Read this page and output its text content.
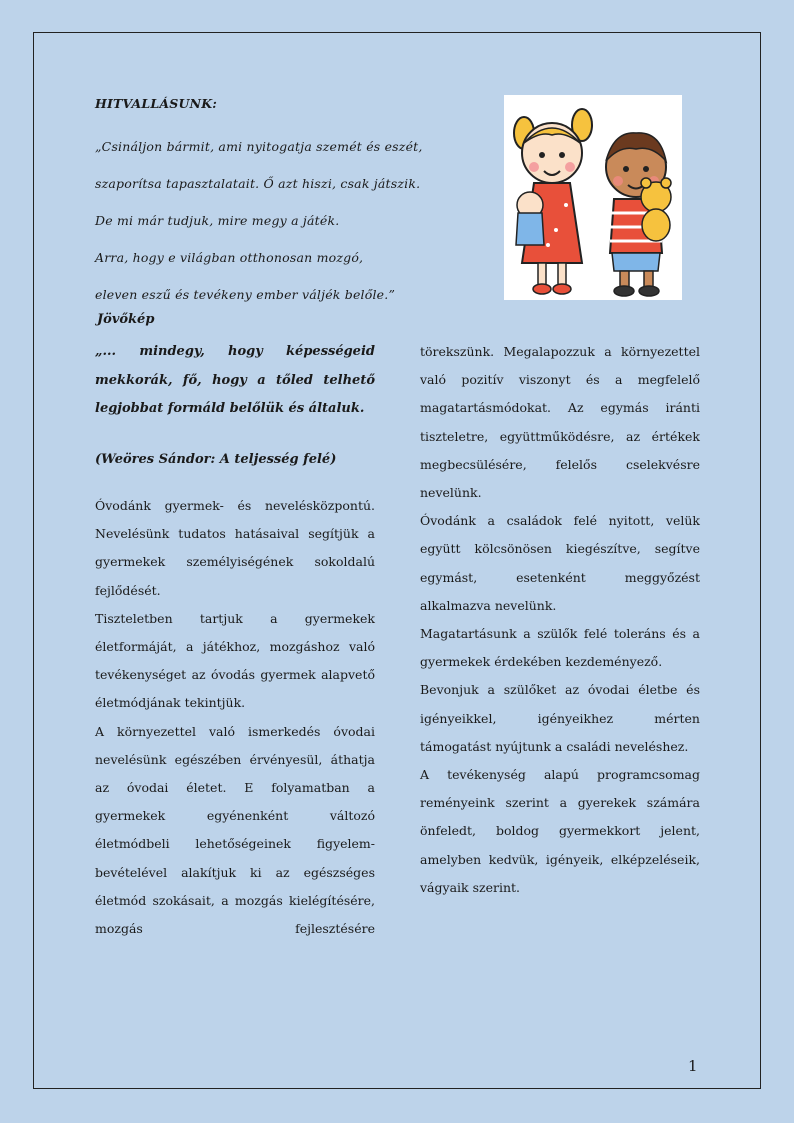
HITVALLÁSUNK:

„Csináljon bármit, ami nyitogatja szemét és eszét,

szaporítsa tapasztalatait. Ő azt hiszi, csak játszik.

De mi már tudjuk, mire megy a játék.

Arra, hogy e világban otthonosan mozgó,

eleven eszű és tevékeny ember váljék belőle.”

Jövőkép
„... mindegy, hogy képességeid mekkorák, fő, hogy a tőled telhető legjobbat formáld belőlük és általuk.
(Weöres Sándor: A teljesség felé)

Óvodánk gyermek- és nevelésközpontú. Nevelésünk tudatos hatásaival segítjük a gyermekek személyiségének sokoldalú fejlődését.

Tiszteletben tartjuk a gyermekek életformáját, a játékhoz, mozgáshoz való tevékenységet az óvodás gyermek alapvető életmódjának tekintjük.

A környezettel való ismerkedés óvodai nevelésünk egészében érvényesül, áthatja az óvodai életet. E folyamatban a gyermekek egyénenként változó életmódbeli lehetőségeinek figyelem-bevételével alakítjuk ki az egészséges életmód szokásait, a mozgás kielégítésére, mozgás fejlesztésére

törekszünk. Megalapozzuk a környezettel való pozitív viszonyt és a megfelelő magatartásmódokat. Az egymás iránti tiszteletre, együttműködésre, az értékek megbecsülésére, felelős cselekvésre nevelünk.

Óvodánk a családok felé nyitott, velük együtt kölcsönösen kiegészítve, segítve egymást, esetenként meggyőzést alkalmazva nevelünk.

Magatartásunk a szülők felé toleráns és a gyermekek érdekében kezdeményező.

Bevonjuk a szülőket az óvodai életbe és igényeikkel, igényeikhez mérten támogatást nyújtunk a családi neveléshez.

A tevékenység alapú programcsomag reményeink szerint a gyerekek számára önfeledt, boldog gyermekkort jelent, amelyben kedvük, igényeik, elképzeléseik, vágyaik szerint.

1
